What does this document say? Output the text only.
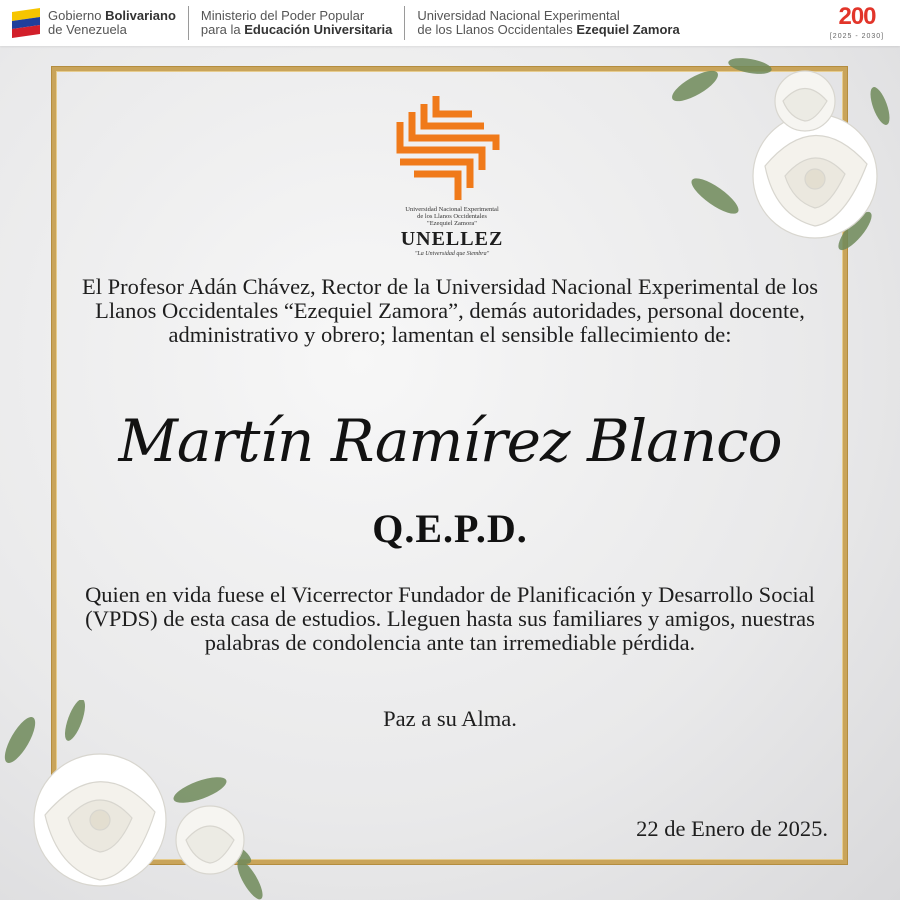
Gobierno Bolivariano
de Venezuela
Ministerio del Poder Popular
para la Educación Universitaria
Universidad Nacional Experimental
de los Llanos Occidentales Ezequiel Zamora	200
[2025 - 2030]
Universidad Nacional Experimental
de los Llanos Occidentales
"Ezequiel Zamora"
UNELLEZ
"La Universidad que Siembra"
El Profesor Adán Chávez, Rector de la Universidad Nacional Experimental de los Llanos Occidentales “Ezequiel Zamora”, demás autoridades, personal docente, administrativo y obrero; lamentan el sensible fallecimiento de:
Martín Ramírez Blanco
Q.E.P.D.
Quien en vida fuese el Vicerrector Fundador de Planificación y Desarrollo Social (VPDS) de esta casa de estudios. Lleguen hasta sus familiares y amigos, nuestras palabras de condolencia ante tan irremediable pérdida.
Paz a su Alma.
22 de Enero de 2025.
